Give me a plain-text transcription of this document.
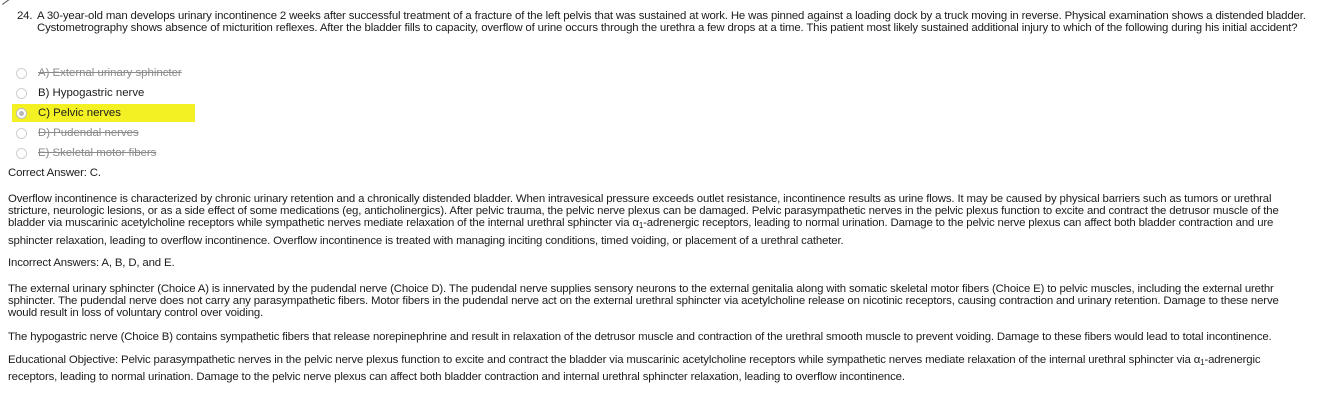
24. A 30-year-old man develops urinary incontinence 2 weeks after successful treatment of a fracture of the left pelvis that was sustained at work. He was pinned against a loading dock by a truck moving in reverse. Physical examination shows a distended bladder. Cystometrography shows absence of micturition reflexes. After the bladder fills to capacity, overflow of urine occurs through the urethra a few drops at a time. This patient most likely sustained additional injury to which of the following during his initial accident?
A) External urinary sphincter
B) Hypogastric nerve
C) Pelvic nerves
D) Pudendal nerves
E) Skeletal motor fibers
Correct Answer: C.
Overflow incontinence is characterized by chronic urinary retention and a chronically distended bladder. When intravesical pressure exceeds outlet resistance, incontinence results as urine flows. It may be caused by physical barriers such as tumors or urethral
stricture, neurologic lesions, or as a side effect of some medications (eg, anticholinergics). After pelvic trauma, the pelvic nerve plexus can be damaged. Pelvic parasympathetic nerves in the pelvic plexus function to excite and contract the detrusor muscle of the
bladder via muscarinic acetylcholine receptors while sympathetic nerves mediate relaxation of the internal urethral sphincter via $\alpha_1$-adrenergic receptors, leading to normal urination. Damage to the pelvic nerve plexus can affect both bladder contraction and ure
sphincter relaxation, leading to overflow incontinence. Overflow incontinence is treated with managing inciting conditions, timed voiding, or placement of a urethral catheter.
Incorrect Answers: A, B, D, and E.
The external urinary sphincter (Choice A) is innervated by the pudendal nerve (Choice D). The pudendal nerve supplies sensory neurons to the external genitalia along with somatic skeletal motor fibers (Choice E) to pelvic muscles, including the external urethr
sphincter. The pudendal nerve does not carry any parasympathetic fibers. Motor fibers in the pudendal nerve act on the external urethral sphincter via acetylcholine release on nicotinic receptors, causing contraction and urinary retention. Damage to these nerve
would result in loss of voluntary control over voiding.
The hypogastric nerve (Choice B) contains sympathetic fibers that release norepinephrine and result in relaxation of the detrusor muscle and contraction of the urethral smooth muscle to prevent voiding. Damage to these fibers would lead to total incontinence.
Educational Objective: Pelvic parasympathetic nerves in the pelvic nerve plexus function to excite and contract the bladder via muscarinic acetylcholine receptors while sympathetic nerves mediate relaxation of the internal urethral sphincter via $\alpha_1$-adrenergic
receptors, leading to normal urination. Damage to the pelvic nerve plexus can affect both bladder contraction and internal urethral sphincter relaxation, leading to overflow incontinence.
